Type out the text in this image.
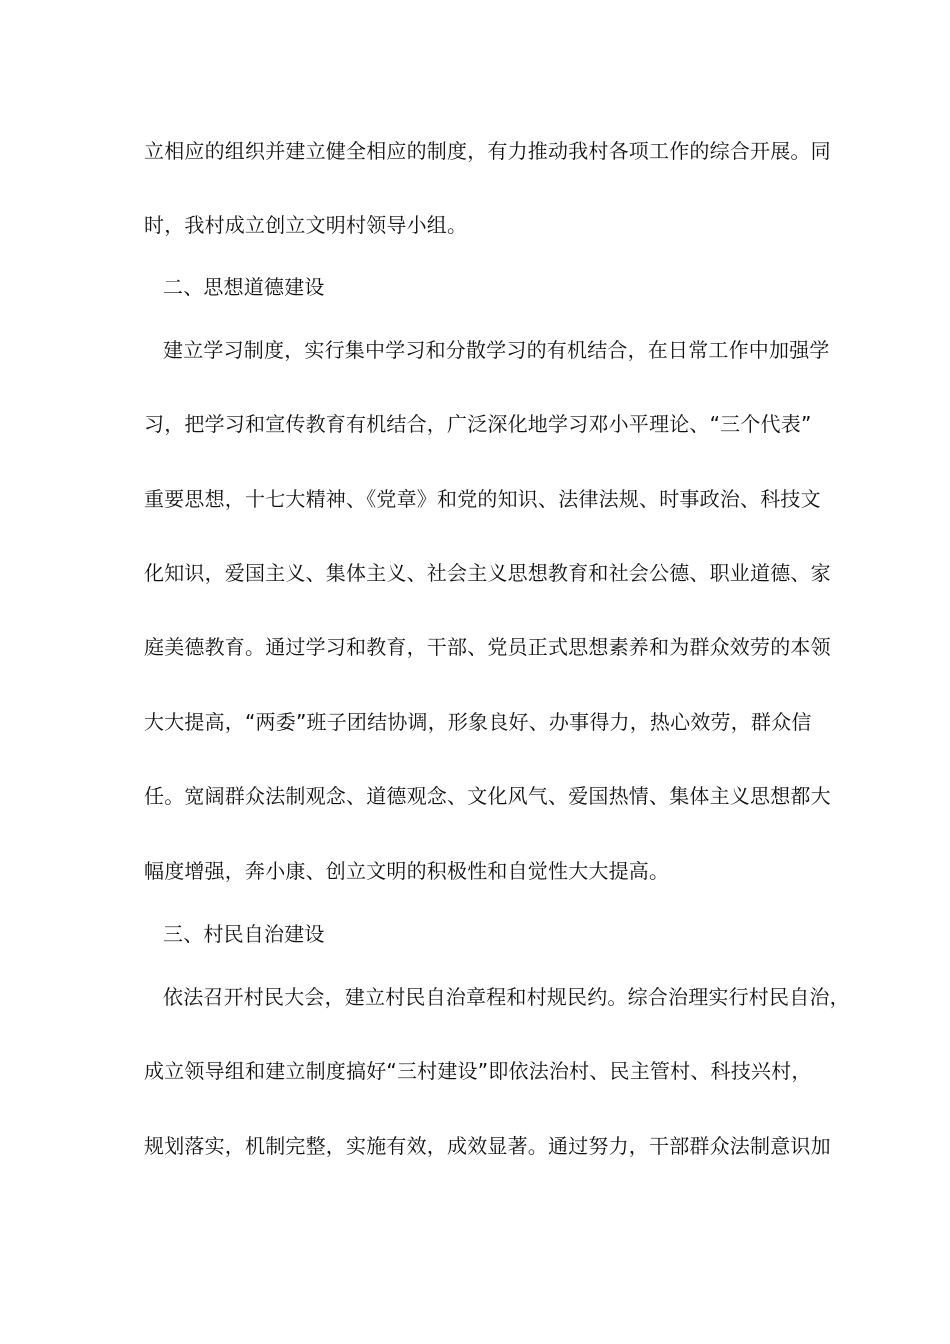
立相应的组织并建立健全相应的制度，有力推动我村各项工作的综合开展。同
时，我村成立创立文明村领导小组。
二、思想道德建设
建立学习制度，实行集中学习和分散学习的有机结合，在日常工作中加强学
习，把学习和宣传教育有机结合，广泛深化地学习邓小平理论、“三个代表”
重要思想，十七大精神、《党章》和党的知识、法律法规、时事政治、科技文
化知识，爱国主义、集体主义、社会主义思想教育和社会公德、职业道德、家
庭美德教育。通过学习和教育，干部、党员正式思想素养和为群众效劳的本领
大大提高，“两委”班子团结协调，形象良好、办事得力，热心效劳，群众信
任。宽阔群众法制观念、道德观念、文化风气、爱国热情、集体主义思想都大
幅度增强，奔小康、创立文明的积极性和自觉性大大提高。
三、村民自治建设
依法召开村民大会，建立村民自治章程和村规民约。综合治理实行村民自治，
成立领导组和建立制度搞好“三村建设”即依法治村、民主管村、科技兴村，
规划落实，机制完整，实施有效，成效显著。通过努力，干部群众法制意识加
